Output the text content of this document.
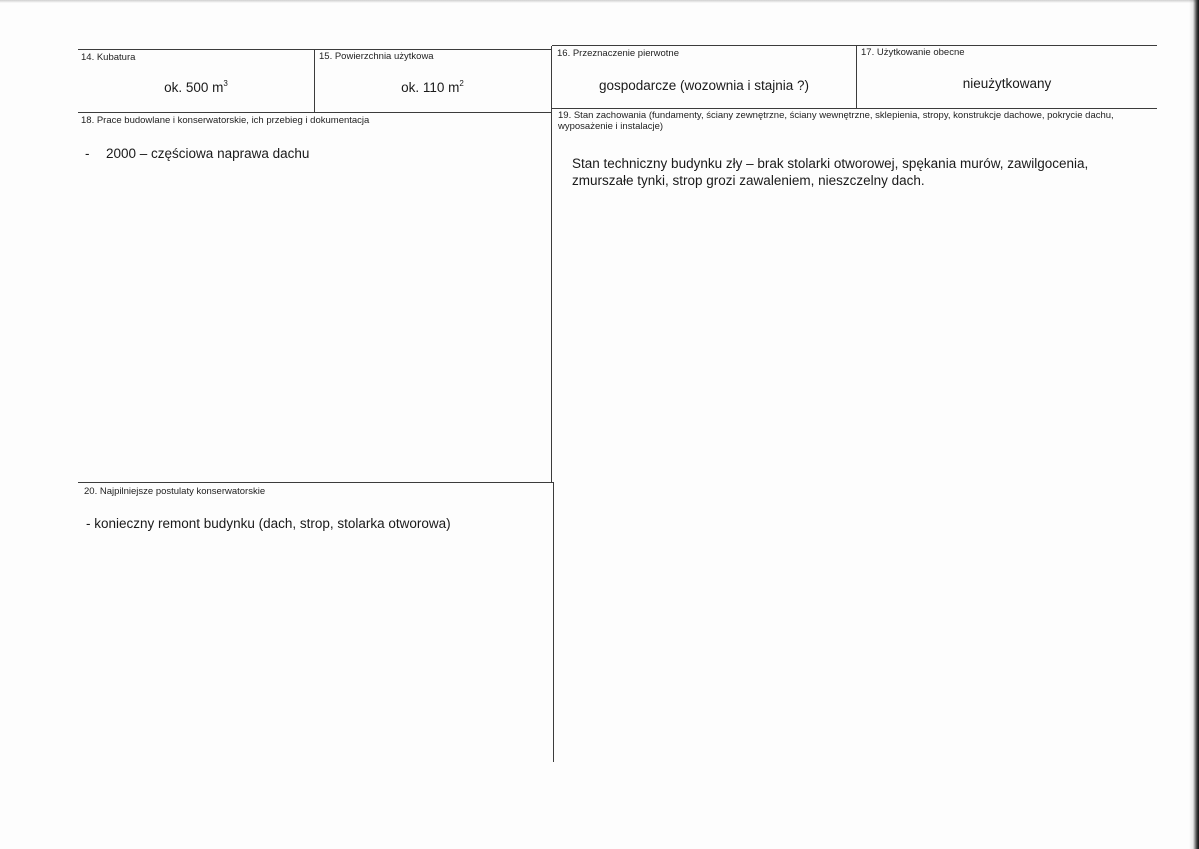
14. Kubatura
ok. 500 $m^3$
15. Powierzchnia użytkowa
ok. 110 $m^2$
16. Przeznaczenie pierwotne
gospodarcze (wozownia i stajnia ?)
17. Użytkowanie obecne
nieużytkowany
18. Prace budowlane i konserwatorskie, ich przebieg i dokumentacja
- 2000 – częściowa naprawa dachu
19. Stan zachowania (fundamenty, ściany zewnętrzne, ściany wewnętrzne, sklepienia, stropy, konstrukcje dachowe, pokrycie dachu, wyposażenie i instalacje)
Stan techniczny budynku zły – brak stolarki otworowej, spękania murów, zawilgocenia, zmurszałe tynki, strop grozi zawaleniem, nieszczelny dach.
20. Najpilniejsze postulaty konserwatorskie
- konieczny remont budynku (dach, strop, stolarka otworowa)
